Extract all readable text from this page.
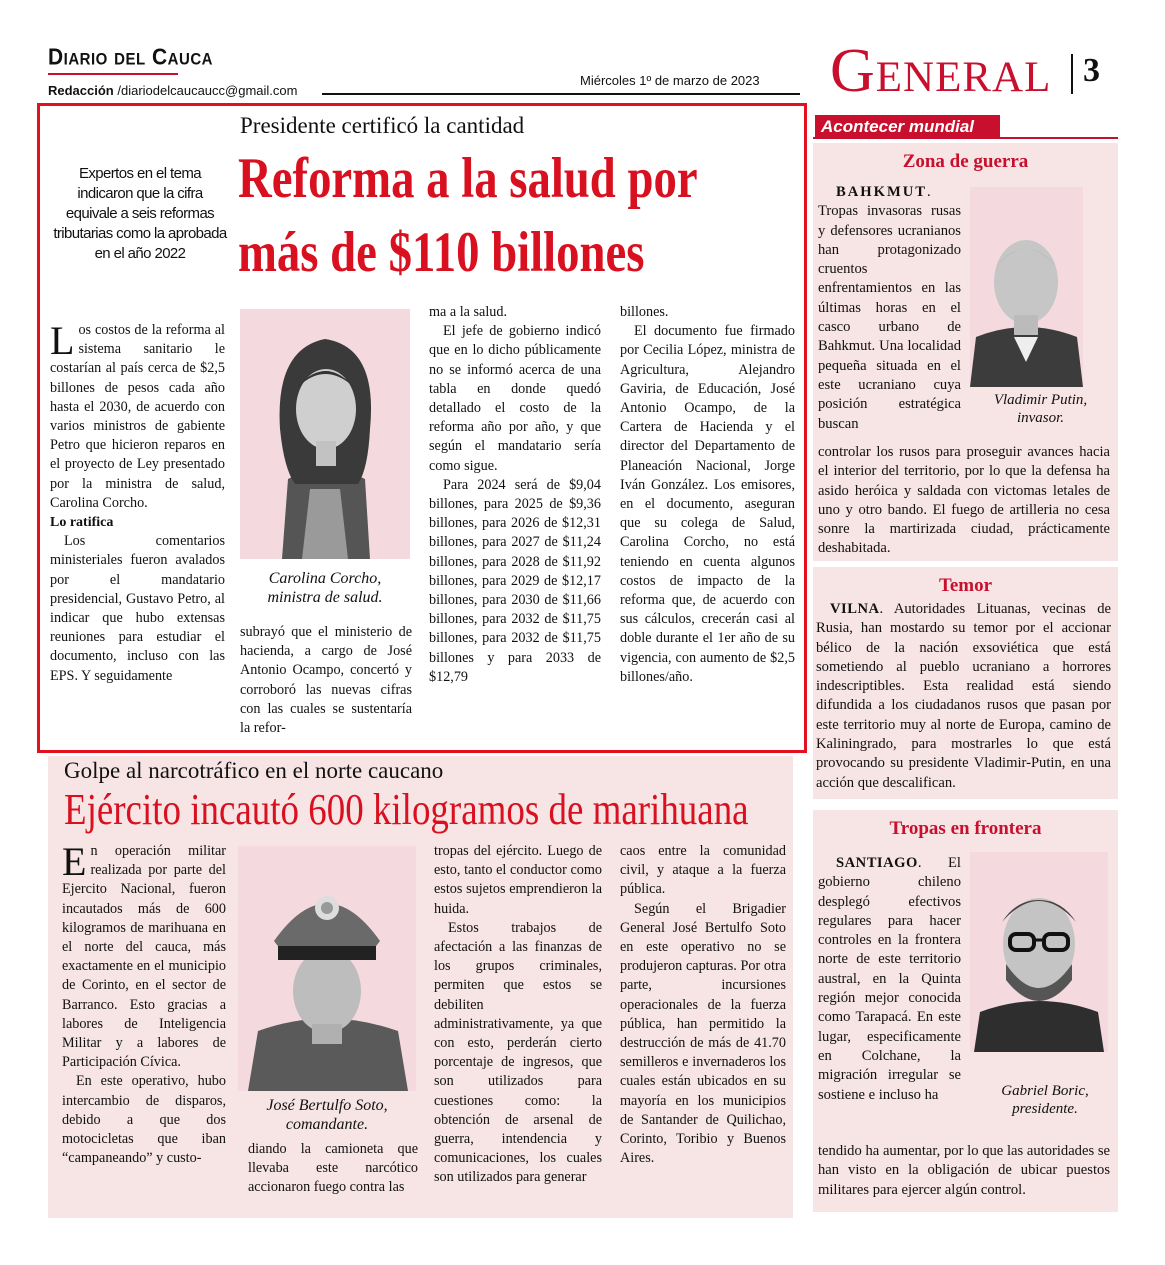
Diario del Cauca
Redacción /diariodelcaucaucc@gmail.com
Miércoles 1º de marzo de 2023 General 3
Presidente certificó la cantidad
Expertos en el tema indicaron que la cifra equivale a seis reformas tributarias como la aprobada en el año 2022
Reforma a la salud por
más de $110 billones

Los costos de la reforma al sistema sanitario le costarían al país cerca de $2,5 billones de pesos cada año hasta el 2030, de acuerdo con varios ministros de gabiente Petro que hicieron reparos en el proyecto de Ley presentado por la ministra de salud, Carolina Corcho.

Lo ratifica

Los comentarios ministeriales fueron avalados por el mandatario presidencial, Gustavo Petro, al indicar que hubo extensas reuniones para estudiar el documento, incluso con las EPS. Y seguidamente

Carolina Corcho,
ministra de salud.

subrayó que el ministerio de hacienda, a cargo de José Antonio Ocampo, concertó y corroboró las nuevas cifras con las cuales se sustentaría la refor-

ma a la salud.

El jefe de gobierno indicó que en lo dicho públicamente no se informó acerca de una tabla en donde quedó detallado el costo de la reforma año por año, y que según el mandatario sería como sigue.

Para 2024 será de $9,04 billones, para 2025 de $9,36 billones, para 2026 de $12,31 billones, para 2027 de $11,24 billones, para 2028 de $11,92 billones, para 2029 de $12,17 billones, para 2030 de $11,66 billones, para 2032 de $11,75 billones, para 2032 de $11,75 billones y para 2033 de $12,79

billones.

El documento fue firmado por Cecilia López, ministra de Agricultura, Alejandro Gaviria, de Educación, José Antonio Ocampo, de la Cartera de Hacienda y el director del Departamento de Planeación Nacional, Jorge Iván González. Los emisores, en el documento, aseguran que su colega de Salud, Carolina Corcho, no está teniendo en cuenta algunos costos de impacto de la reforma que, de acuerdo con sus cálculos, crecerán casi al doble durante el 1er año de su vigencia, con aumento de $2,5 billones/año.

Golpe al narcotráfico en el norte caucano
Ejército incautó 600 kilogramos de marihuana

En operación militar realizada por parte del Ejercito Nacional, fueron incautados más de 600 kilogramos de marihuana en el norte del cauca, más exactamente en el municipio de Corinto, en el sector de Barranco. Esto gracias a labores de Inteligencia Militar y a labores de Participación Cívica.

En este operativo, hubo intercambio de disparos, debido a que dos motocicletas que iban “campaneando” y custo-

José Bertulfo Soto,
comandante.

diando la camioneta que llevaba este narcótico accionaron fuego contra las

tropas del ejército. Luego de esto, tanto el conductor como estos sujetos emprendieron la huida.

Estos trabajos de afectación a las finanzas de los grupos criminales, permiten que estos se debiliten administrativamente, ya que con esto, perderán cierto porcentaje de ingresos, que son utilizados para cuestiones como: la obtención de arsenal de guerra, intendencia y comunicaciones, los cuales son utilizados para generar

caos entre la comunidad civil, y ataque a la fuerza pública.

Según el Brigadier General José Bertulfo Soto en este operativo no se produjeron capturas. Por otra parte, incursiones operacionales de la fuerza pública, han permitido la destrucción de más de 41.70 semilleros e invernaderos los cuales están ubicados en su mayoría en los municipios de Santander de Quilichao, Corinto, Toribio y Buenos Aires.

Acontecer mundial
Zona de guerra
Vladimir Putin,
invasor.

BAHKMUT. Tropas invasoras rusas y defensores ucranianos han protagonizado cruentos enfrentamientos en las últimas horas en el casco urbano de Bahkmut. Una localidad pequeña situada en el este ucraniano cuya posición estratégica buscan

controlar los rusos para proseguir avances hacia el interior del territorio, por lo que la defensa ha asido heróica y saldada con victomas letales de uno y otro bando. El fuego de artilleria no cesa sonre la martirizada ciudad, prácticamente deshabitada.

Temor

VILNA. Autoridades Lituanas, vecinas de Rusia, han mostardo su temor por el accionar bélico de la nación exsoviética que está sometiendo al pueblo ucraniano a horrores indescriptibles. Esta realidad está siendo difundida a los ciudadanos rusos que pasan por este territorio muy al norte de Europa, camino de Kaliningrado, para mostrarles lo que está provocando su presidente Vladimir-Putin, en una acción que descalifican.

Tropas en frontera
Gabriel Boric,
presidente.

SANTIAGO. El gobierno chileno desplegó efectivos regulares para hacer controles en la frontera norte de este territorio austral, en la Quinta región mejor conocida como Tarapacá. En este lugar, especificamente en Colchane, la migración irregular se sostiene e incluso ha

tendido ha aumentar, por lo que las autoridades se han visto en la obligación de ubicar puestos militares para ejercer algún control.
